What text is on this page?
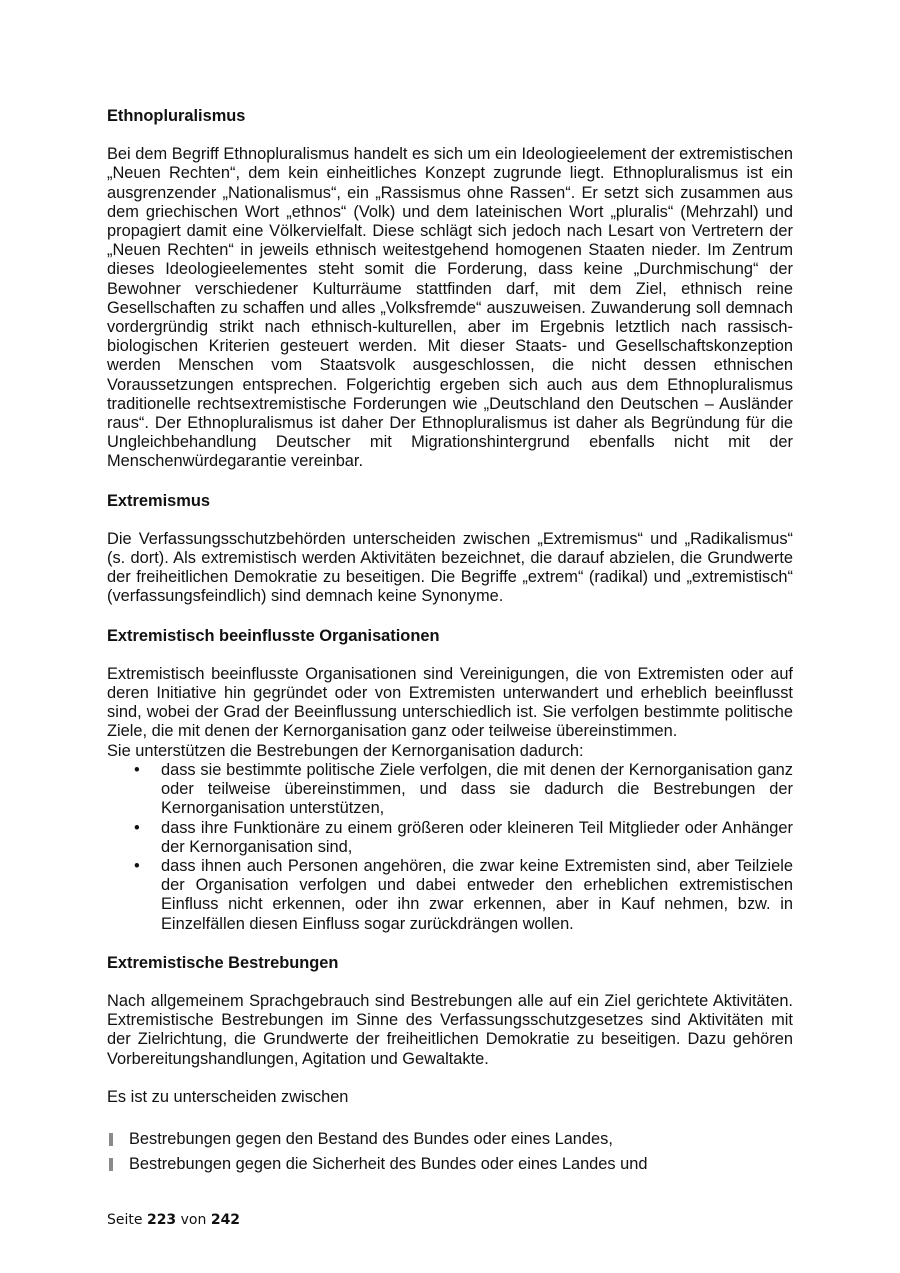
Ethnopluralismus

Bei dem Begriff Ethnopluralismus handelt es sich um ein Ideologieelement der extremistischen „Neuen Rechten“, dem kein einheitliches Konzept zugrunde liegt. Ethnopluralismus ist ein ausgrenzender „Nationalismus“, ein „Rassismus ohne Rassen“. Er setzt sich zusammen aus dem griechischen Wort „ethnos“ (Volk) und dem lateinischen Wort „pluralis“ (Mehrzahl) und propagiert damit eine Völkervielfalt. Diese schlägt sich jedoch nach Lesart von Vertretern der „Neuen Rechten“ in jeweils ethnisch weitestgehend homogenen Staaten nieder. Im Zentrum dieses Ideologieelementes steht somit die Forderung, dass keine „Durchmischung“ der Bewohner verschiedener Kulturräume stattfinden darf, mit dem Ziel, ethnisch reine Gesellschaften zu schaffen und alles „Volksfremde“ auszuweisen. Zuwanderung soll demnach vordergründig strikt nach ethnisch-kulturellen, aber im Ergebnis letztlich nach rassisch-biologischen Kriterien gesteuert werden. Mit dieser Staats- und Gesellschaftskonzeption werden Menschen vom Staatsvolk ausgeschlossen, die nicht dessen ethnischen Voraussetzungen entsprechen. Folgerichtig ergeben sich auch aus dem Ethnopluralismus traditionelle rechtsextremistische Forderungen wie „Deutschland den Deutschen – Ausländer raus“. Der Ethnopluralismus ist daher Der Ethnopluralismus ist daher als Begründung für die Ungleichbehandlung Deutscher mit Migrationshintergrund ebenfalls nicht mit der Menschenwürdegarantie vereinbar.

Extremismus

Die Verfassungsschutzbehörden unterscheiden zwischen „Extremismus“ und „Radikalismus“ (s. dort). Als extremistisch werden Aktivitäten bezeichnet, die darauf abzielen, die Grundwerte der freiheitlichen Demokratie zu beseitigen. Die Begriffe „extrem“ (radikal) und „extremistisch“ (verfassungsfeindlich) sind demnach keine Synonyme.

Extremistisch beeinflusste Organisationen

Extremistisch beeinflusste Organisationen sind Vereinigungen, die von Extremisten oder auf deren Initiative hin gegründet oder von Extremisten unterwandert und erheblich beeinflusst sind, wobei der Grad der Beeinflussung unterschiedlich ist. Sie verfolgen bestimmte politische Ziele, die mit denen der Kernorganisation ganz oder teilweise übereinstimmen.

Sie unterstützen die Bestrebungen der Kernorganisation dadurch:

• dass sie bestimmte politische Ziele verfolgen, die mit denen der Kernorganisation ganz oder teilweise übereinstimmen, und dass sie dadurch die Bestrebungen der Kernorganisation unterstützen,
• dass ihre Funktionäre zu einem größeren oder kleineren Teil Mitglieder oder Anhänger der Kernorganisation sind,
• dass ihnen auch Personen angehören, die zwar keine Extremisten sind, aber Teilziele der Organisation verfolgen und dabei entweder den erheblichen extremistischen Einfluss nicht erkennen, oder ihn zwar erkennen, aber in Kauf nehmen, bzw. in Einzelfällen diesen Einfluss sogar zurückdrängen wollen.
Extremistische Bestrebungen

Nach allgemeinem Sprachgebrauch sind Bestrebungen alle auf ein Ziel gerichtete Aktivitäten. Extremistische Bestrebungen im Sinne des Verfassungsschutzgesetzes sind Aktivitäten mit der Zielrichtung, die Grundwerte der freiheitlichen Demokratie zu beseitigen. Dazu gehören Vorbereitungshandlungen, Agitation und Gewaltakte.

Es ist zu unterscheiden zwischen

Bestrebungen gegen den Bestand des Bundes oder eines Landes,
Bestrebungen gegen die Sicherheit des Bundes oder eines Landes und
Seite 223 von 242
